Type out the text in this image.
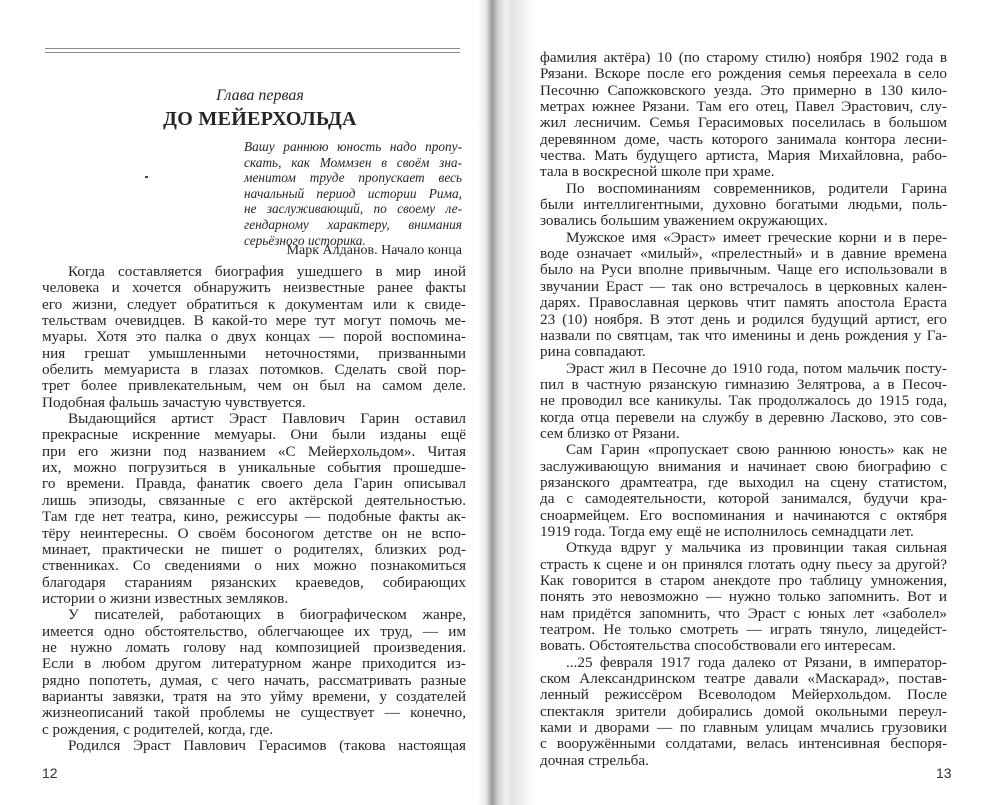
Глава первая
ДО МЕЙЕРХОЛЬДА
Вашу раннюю юность надо пропу-
скать, как Моммзен в своём зна-
менитом труде пропускает весь
начальный период истории Рима,
не заслуживающий, по своему ле-
гендарному характеру, внимания
серьёзного историка.
Марк Алданов. Начало конца
Когда составляется биография ушедшего в мир иной
человека и хочется обнаружить неизвестные ранее факты
его жизни, следует обратиться к документам или к свиде-
тельствам очевидцев. В какой-то мере тут могут помочь ме-
муары. Хотя это палка о двух концах — порой воспомина-
ния грешат умышленными неточностями, призванными
обелить мемуариста в глазах потомков. Сделать свой пор-
трет более привлекательным, чем он был на самом деле.
Подобная фальшь зачастую чувствуется.
Выдающийся артист Эраст Павлович Гарин оставил
прекрасные искренние мемуары. Они были изданы ещё
при его жизни под названием «С Мейерхольдом». Читая
их, можно погрузиться в уникальные события прошедше-
го времени. Правда, фанатик своего дела Гарин описывал
лишь эпизоды, связанные с его актёрской деятельностью.
Там где нет театра, кино, режиссуры — подобные факты ак-
тёру неинтересны. О своём босоногом детстве он не вспо-
минает, практически не пишет о родителях, близких род-
ственниках. Со сведениями о них можно познакомиться
благодаря стараниям рязанских краеведов, собирающих
истории о жизни известных земляков.
У писателей, работающих в биографическом жанре,
имеется одно обстоятельство, облегчающее их труд, — им
не нужно ломать голову над композицией произведения.
Если в любом другом литературном жанре приходится из-
рядно попотеть, думая, с чего начать, рассматривать разные
варианты завязки, тратя на это уйму времени, у создателей
жизнеописаний такой проблемы не существует — конечно,
с рождения, с родителей, когда, где.
Родился Эраст Павлович Герасимов (такова настоящая
12
фамилия актёра) 10 (по старому стилю) ноября 1902 года в
Рязани. Вскоре после его рождения семья переехала в село
Песочню Сапожковского уезда. Это примерно в 130 кило-
метрах южнее Рязани. Там его отец, Павел Эрастович, слу-
жил лесничим. Семья Герасимовых поселилась в большом
деревянном доме, часть которого занимала контора лесни-
чества. Мать будущего артиста, Мария Михайловна, рабо-
тала в воскресной школе при храме.
По воспоминаниям современников, родители Гарина
были интеллигентными, духовно богатыми людьми, поль-
зовались большим уважением окружающих.
Мужское имя «Эраст» имеет греческие корни и в пере-
воде означает «милый», «прелестный» и в давние времена
было на Руси вполне привычным. Чаще его использовали в
звучании Ераст — так оно встречалось в церковных кален-
дарях. Православная церковь чтит память апостола Ераста
23 (10) ноября. В этот день и родился будущий артист, его
назвали по святцам, так что именины и день рождения у Га-
рина совпадают.
Эраст жил в Песочне до 1910 года, потом мальчик посту-
пил в частную рязанскую гимназию Зелятрова, а в Песоч-
не проводил все каникулы. Так продолжалось до 1915 года,
когда отца перевели на службу в деревню Ласково, это сов-
сем близко от Рязани.
Сам Гарин «пропускает свою раннюю юность» как не
заслуживающую внимания и начинает свою биографию с
рязанского драмтеатра, где выходил на сцену статистом,
да с самодеятельности, которой занимался, будучи кра-
сноармейцем. Его воспоминания и начинаются с октября
1919 года. Тогда ему ещё не исполнилось семнадцати лет.
Откуда вдруг у мальчика из провинции такая сильная
страсть к сцене и он принялся глотать одну пьесу за другой?
Как говорится в старом анекдоте про таблицу умножения,
понять это невозможно — нужно только запомнить. Вот и
нам придётся запомнить, что Эраст с юных лет «заболел»
театром. Не только смотреть — играть тянуло, лицедейст-
вовать. Обстоятельства способствовали его интересам.
...25 февраля 1917 года далеко от Рязани, в император-
ском Александринском театре давали «Маскарад», постав-
ленный режиссёром Всеволодом Мейерхольдом. После
спектакля зрители добирались домой окольными переул-
ками и дворами — по главным улицам мчались грузовики
с вооружёнными солдатами, велась интенсивная беспоря-
дочная стрельба.
13
